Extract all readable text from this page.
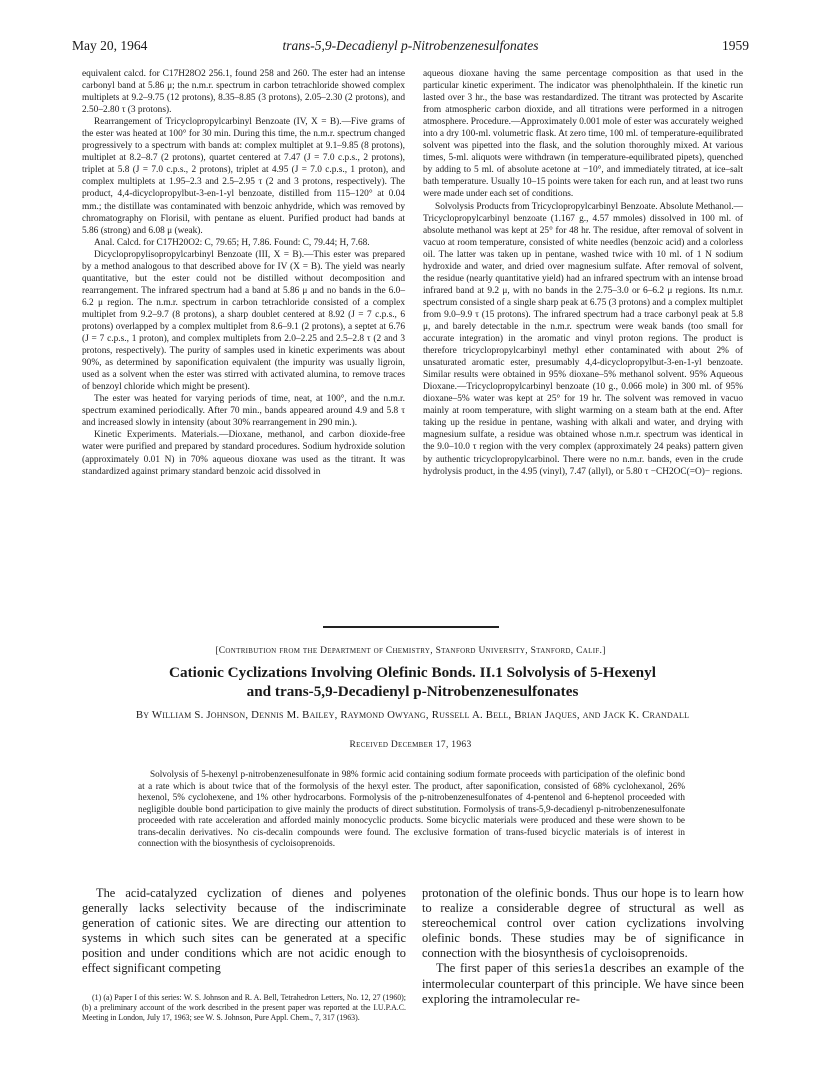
May 20, 1964	trans-5,9-Decadienyl p-Nitrobenzenesulfonates	1959

equivalent calcd. for C17H28O2 256.1, found 258 and 260. The ester had an intense carbonyl band at 5.86 μ; the n.m.r. spectrum in carbon tetrachloride showed complex multiplets at 9.2–9.75 (12 protons), 8.35–8.85 (3 protons), 2.05–2.30 (2 protons), and 2.50–2.80 τ (3 protons).

Rearrangement of Tricyclopropylcarbinyl Benzoate (IV, X = B).—Five grams of the ester was heated at 100° for 30 min. During this time, the n.m.r. spectrum changed progressively to a spectrum with bands at: complex multiplet at 9.1–9.85 (8 protons), multiplet at 8.2–8.7 (2 protons), quartet centered at 7.47 (J = 7.0 c.p.s., 2 protons), triplet at 5.8 (J = 7.0 c.p.s., 2 protons), triplet at 4.95 (J = 7.0 c.p.s., 1 proton), and complex multiplets at 1.95–2.3 and 2.5–2.95 τ (2 and 3 protons, respectively). The product, 4,4-dicyclopropylbut-3-en-1-yl benzoate, distilled from 115–120° at 0.04 mm.; the distillate was contaminated with benzoic anhydride, which was removed by chromatography on Florisil, with pentane as eluent. Purified product had bands at 5.86 (strong) and 6.08 μ (weak).

Anal. Calcd. for C17H20O2: C, 79.65; H, 7.86. Found: C, 79.44; H, 7.68.

Dicyclopropylisopropylcarbinyl Benzoate (III, X = B).—This ester was prepared by a method analogous to that described above for IV (X = B). The yield was nearly quantitative, but the ester could not be distilled without decomposition and rearrangement. The infrared spectrum had a band at 5.86 μ and no bands in the 6.0–6.2 μ region. The n.m.r. spectrum in carbon tetrachloride consisted of a complex multiplet from 9.2–9.7 (8 protons), a sharp doublet centered at 8.92 (J = 7 c.p.s., 6 protons) overlapped by a complex multiplet from 8.6–9.1 (2 protons), a septet at 6.76 (J = 7 c.p.s., 1 proton), and complex multiplets from 2.0–2.25 and 2.5–2.8 τ (2 and 3 protons, respectively). The purity of samples used in kinetic experiments was about 90%, as determined by saponification equivalent (the impurity was usually ligroin, used as a solvent when the ester was stirred with activated alumina, to remove traces of benzoyl chloride which might be present).

The ester was heated for varying periods of time, neat, at 100°, and the n.m.r. spectrum examined periodically. After 70 min., bands appeared around 4.9 and 5.8 τ and increased slowly in intensity (about 30% rearrangement in 290 min.).

Kinetic Experiments. Materials.—Dioxane, methanol, and carbon dioxide-free water were purified and prepared by standard procedures. Sodium hydroxide solution (approximately 0.01 N) in 70% aqueous dioxane was used as the titrant. It was standardized against primary standard benzoic acid dissolved in

aqueous dioxane having the same percentage composition as that used in the particular kinetic experiment. The indicator was phenolphthalein. If the kinetic run lasted over 3 hr., the base was restandardized. The titrant was protected by Ascarite from atmospheric carbon dioxide, and all titrations were performed in a nitrogen atmosphere. Procedure.—Approximately 0.001 mole of ester was accurately weighed into a dry 100-ml. volumetric flask. At zero time, 100 ml. of temperature-equilibrated solvent was pipetted into the flask, and the solution thoroughly mixed. At various times, 5-ml. aliquots were withdrawn (in temperature-equilibrated pipets), quenched by adding to 5 ml. of absolute acetone at −10°, and immediately titrated, at ice–salt bath temperature. Usually 10–15 points were taken for each run, and at least two runs were made under each set of conditions.

Solvolysis Products from Tricyclopropylcarbinyl Benzoate. Absolute Methanol.—Tricyclopropylcarbinyl benzoate (1.167 g., 4.57 mmoles) dissolved in 100 ml. of absolute methanol was kept at 25° for 48 hr. The residue, after removal of solvent in vacuo at room temperature, consisted of white needles (benzoic acid) and a colorless oil. The latter was taken up in pentane, washed twice with 10 ml. of 1 N sodium hydroxide and water, and dried over magnesium sulfate. After removal of solvent, the residue (nearly quantitative yield) had an infrared spectrum with an intense broad infrared band at 9.2 μ, with no bands in the 2.75–3.0 or 6–6.2 μ regions. Its n.m.r. spectrum consisted of a single sharp peak at 6.75 (3 protons) and a complex multiplet from 9.0–9.9 τ (15 protons). The infrared spectrum had a trace carbonyl peak at 5.8 μ, and barely detectable in the n.m.r. spectrum were weak bands (too small for accurate integration) in the aromatic and vinyl proton regions. The product is therefore tricyclopropylcarbinyl methyl ether contaminated with about 2% of unsaturated aromatic ester, presumably 4,4-dicyclopropylbut-3-en-1-yl benzoate. Similar results were obtained in 95% dioxane–5% methanol solvent. 95% Aqueous Dioxane.—Tricyclopropylcarbinyl benzoate (10 g., 0.066 mole) in 300 ml. of 95% dioxane–5% water was kept at 25° for 19 hr. The solvent was removed in vacuo mainly at room temperature, with slight warming on a steam bath at the end. After taking up the residue in pentane, washing with alkali and water, and drying with magnesium sulfate, a residue was obtained whose n.m.r. spectrum was identical in the 9.0–10.0 τ region with the very complex (approximately 24 peaks) pattern given by authentic tricyclopropylcarbinol. There were no n.m.r. bands, even in the crude hydrolysis product, in the 4.95 (vinyl), 7.47 (allyl), or 5.80 τ −CH2OC(=O)− regions.

[Contribution from the Department of Chemistry, Stanford University, Stanford, Calif.]
Cationic Cyclizations Involving Olefinic Bonds. II.1 Solvolysis of 5-Hexenyl
and trans-5,9-Decadienyl p-Nitrobenzenesulfonates
By William S. Johnson, Dennis M. Bailey, Raymond Owyang, Russell A. Bell, Brian Jaques, and Jack K. Crandall
Received December 17, 1963

Solvolysis of 5-hexenyl p-nitrobenzenesulfonate in 98% formic acid containing sodium formate proceeds with participation of the olefinic bond at a rate which is about twice that of the formolysis of the hexyl ester. The product, after saponification, consisted of 68% cyclohexanol, 26% hexenol, 5% cyclohexene, and 1% other hydrocarbons. Formolysis of the p-nitrobenzenesulfonates of 4-pentenol and 6-heptenol proceeded with negligible double bond participation to give mainly the products of direct substitution. Formolysis of trans-5,9-decadienyl p-nitrobenzenesulfonate proceeded with rate acceleration and afforded mainly monocyclic products. Some bicyclic materials were produced and these were shown to be trans-decalin derivatives. No cis-decalin compounds were found. The exclusive formation of trans-fused bicyclic materials is of interest in connection with the biosynthesis of cycloisoprenoids.

The acid-catalyzed cyclization of dienes and polyenes generally lacks selectivity because of the indiscriminate generation of cationic sites. We are directing our attention to systems in which such sites can be generated at a specific position and under conditions which are not acidic enough to effect significant competing

(1) (a) Paper I of this series: W. S. Johnson and R. A. Bell, Tetrahedron Letters, No. 12, 27 (1960); (b) a preliminary account of the work described in the present paper was reported at the I.U.P.A.C. Meeting in London, July 17, 1963; see W. S. Johnson, Pure Appl. Chem., 7, 317 (1963).

protonation of the olefinic bonds. Thus our hope is to learn how to realize a considerable degree of structural as well as stereochemical control over cation cyclizations involving olefinic bonds. These studies may be of significance in connection with the biosynthesis of cycloisoprenoids.

The first paper of this series1a describes an example of the intermolecular counterpart of this principle. We have since been exploring the intramolecular re-
